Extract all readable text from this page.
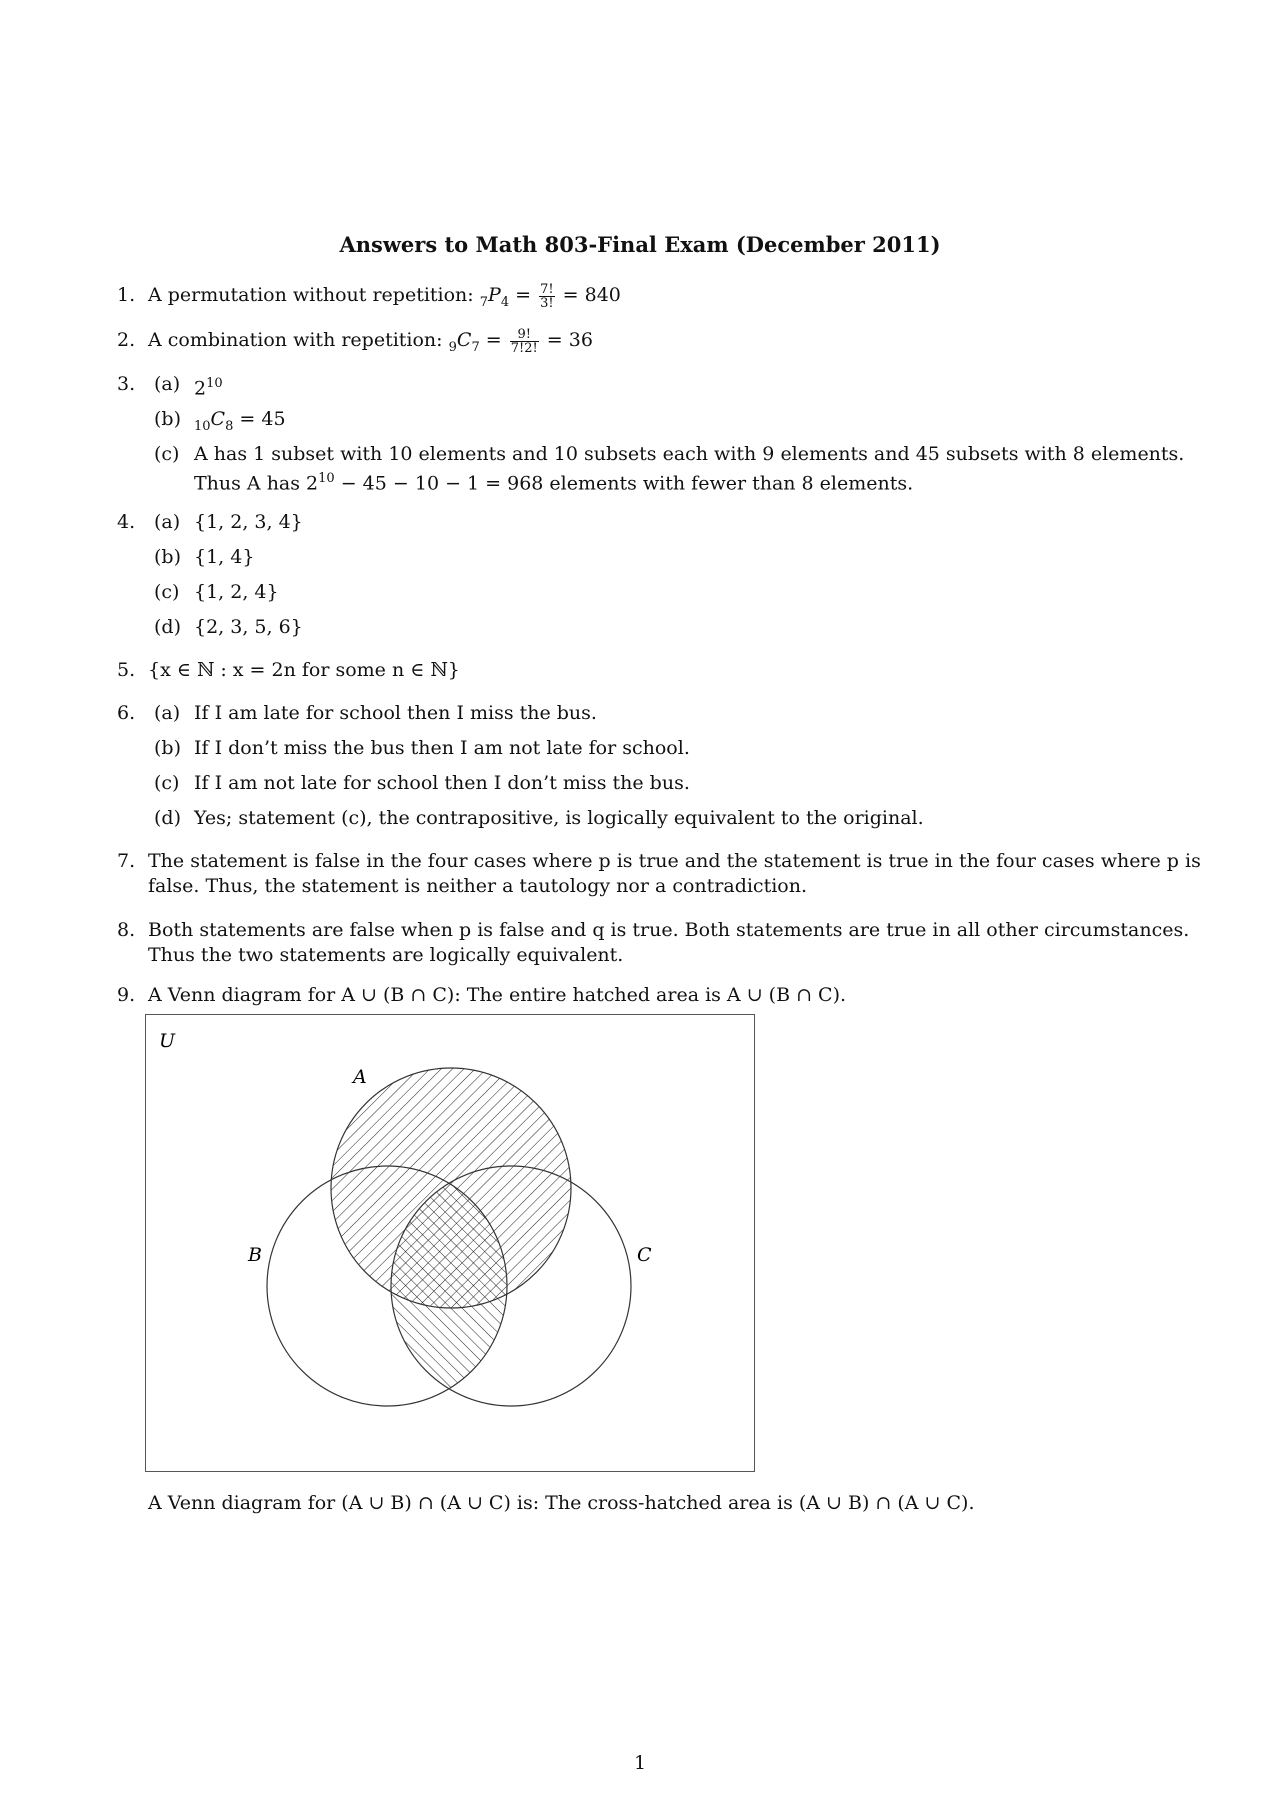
Answers to Math 803-Final Exam (December 2011)
1. A permutation without repetition: $_7P_4 = \frac{7!}{3!} = 840$
2. A combination with repetition: $_9C_7 = \frac{9!}{7!2!} = 36$
3. (a) $2^{10}$
(b) $_{10}C_8 = 45$
(c) A has 1 subset with 10 elements and 10 subsets each with 9 elements and 45 subsets with 8 elements.
Thus A has $2^{10} - 45 - 10 - 1 = 968$ elements with fewer than 8 elements.
4. (a) {1, 2, 3, 4}
(b) {1, 4}
(c) {1, 2, 4}
(d) {2, 3, 5, 6}
5. {x ∈ ℕ : x = 2n for some n ∈ ℕ}
6. (a) If I am late for school then I miss the bus.
(b) If I don’t miss the bus then I am not late for school.
(c) If I am not late for school then I don’t miss the bus.
(d) Yes; statement (c), the contrapositive, is logically equivalent to the original.
7. The statement is false in the four cases where p is true and the statement is true in the four cases where p is
false. Thus, the statement is neither a tautology nor a contradiction.
8. Both statements are false when p is false and q is true. Both statements are true in all other circumstances.
Thus the two statements are logically equivalent.
9. A Venn diagram for A ∪ (B ∩ C): The entire hatched area is A ∪ (B ∩ C).
U
A
B	C
A Venn diagram for (A ∪ B) ∩ (A ∪ C) is: The cross-hatched area is (A ∪ B) ∩ (A ∪ C).
1
